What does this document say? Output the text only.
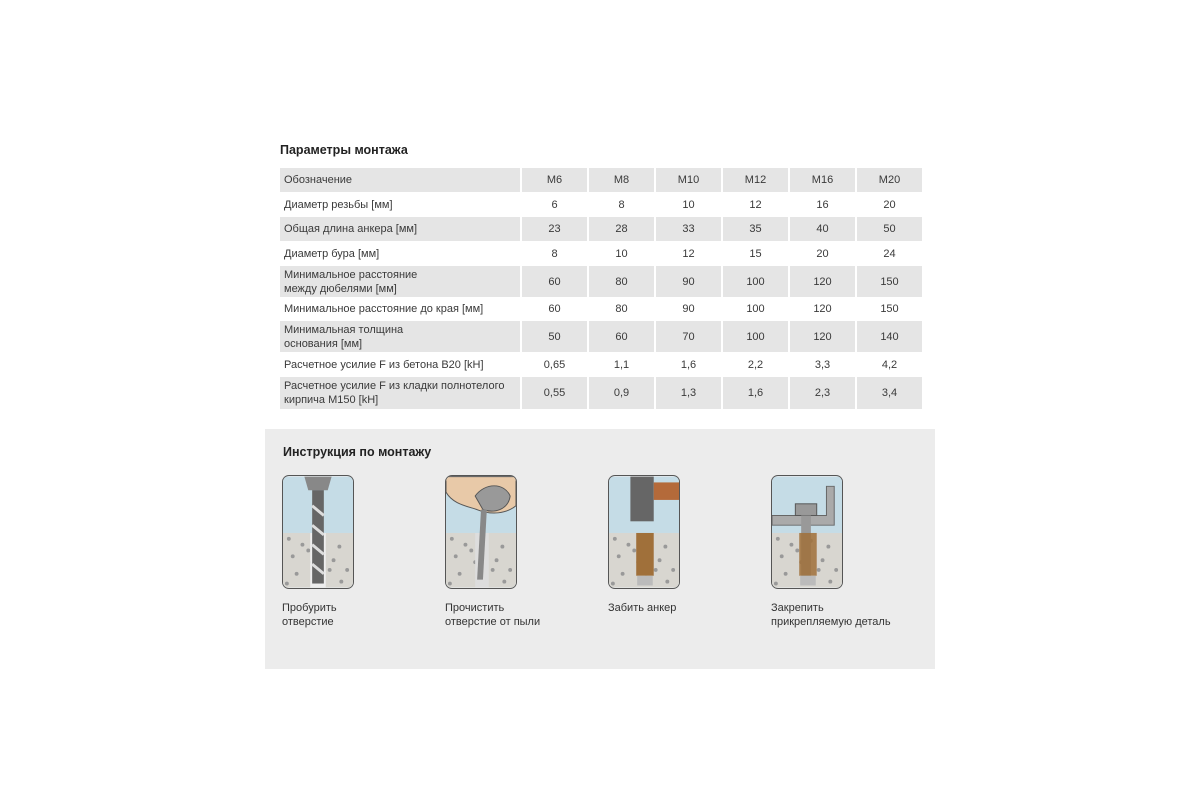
Параметры монтажа
Обозначение	M6	M8	M10	M12	M16	M20
Диаметр резьбы [мм]	6	8	10	12	16	20
Общая длина анкера [мм]	23	28	33	35	40	50
Диаметр бура [мм]	8	10	12	15	20	24
Минимальное расстояние
между дюбелями [мм]	60	80	90	100	120	150
Минимальное расстояние до края [мм]	60	80	90	100	120	150
Минимальная толщина
основания [мм]	50	60	70	100	120	140
Расчетное усилие F из бетона B20 [kH]	0,65	1,1	1,6	2,2	3,3	4,2
Расчетное усилие F из кладки полнотелого
кирпича M150 [kH]	0,55	0,9	1,3	1,6	2,3	3,4
Инструкция по монтажу
Пробурить
отверстие
Прочистить
отверстие от пыли
Забить анкер	Закрепить
прикрепляемую деталь
